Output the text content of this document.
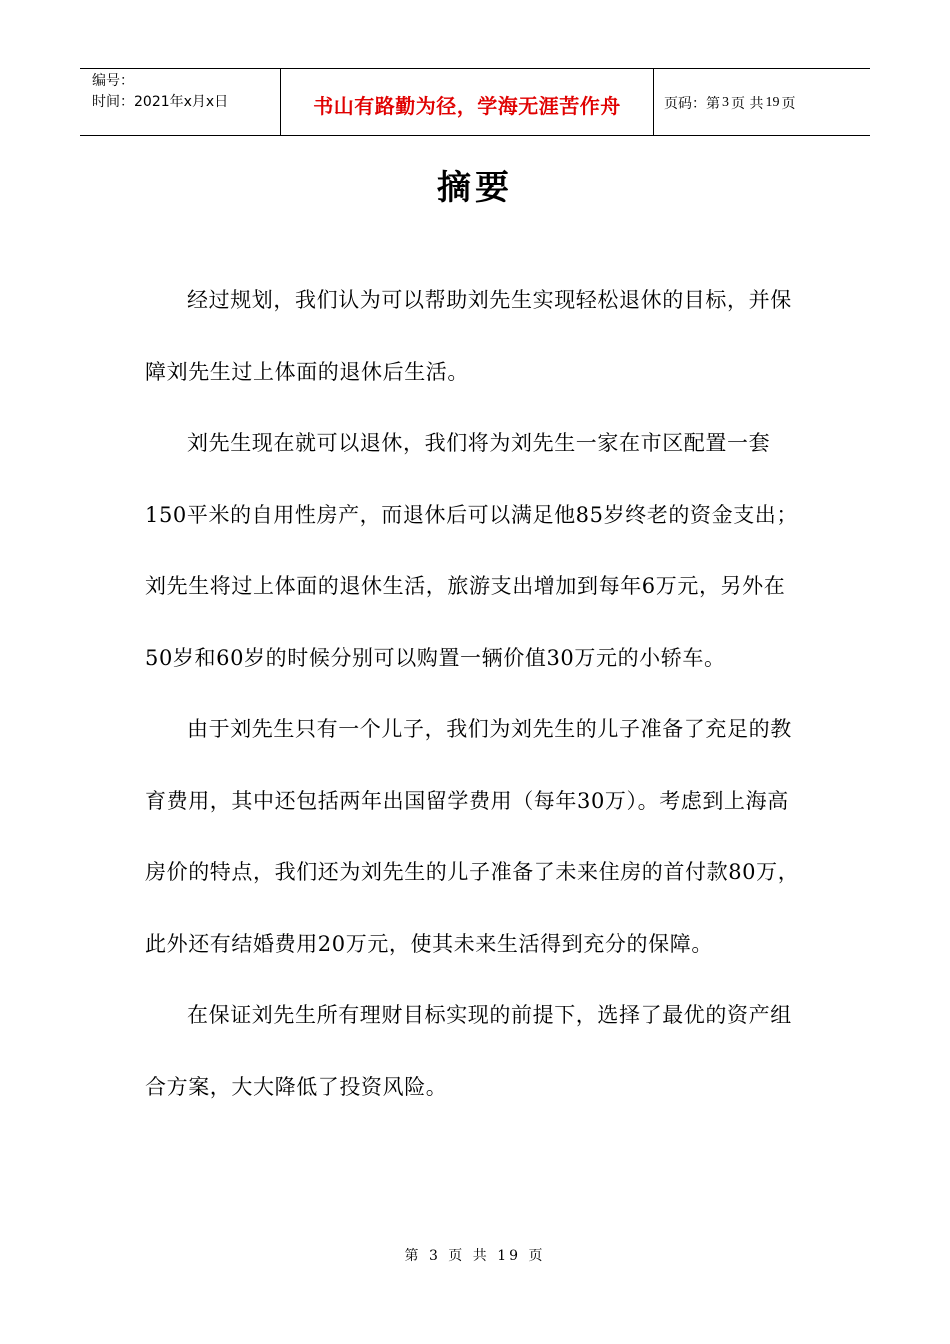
编号：
时间：2021年x月x日	书山有路勤为径，学海无涯苦作舟	页码：第 3 页 共 19 页
摘要

经过规划，我们认为可以帮助刘先生实现轻松退休的目标，并保障刘先生过上体面的退休后生活。

刘先生现在就可以退休，我们将为刘先生一家在市区配置一套150平米的自用性房产，而退休后可以满足他85岁终老的资金支出；刘先生将过上体面的退休生活，旅游支出增加到每年6万元，另外在50岁和60岁的时候分别可以购置一辆价值30万元的小轿车。

由于刘先生只有一个儿子，我们为刘先生的儿子准备了充足的教育费用，其中还包括两年出国留学费用（每年30万）。考虑到上海高房价的特点，我们还为刘先生的儿子准备了未来住房的首付款80万，此外还有结婚费用20万元，使其未来生活得到充分的保障。

在保证刘先生所有理财目标实现的前提下，选择了最优的资产组合方案，大大降低了投资风险。

第 3 页 共 19 页
